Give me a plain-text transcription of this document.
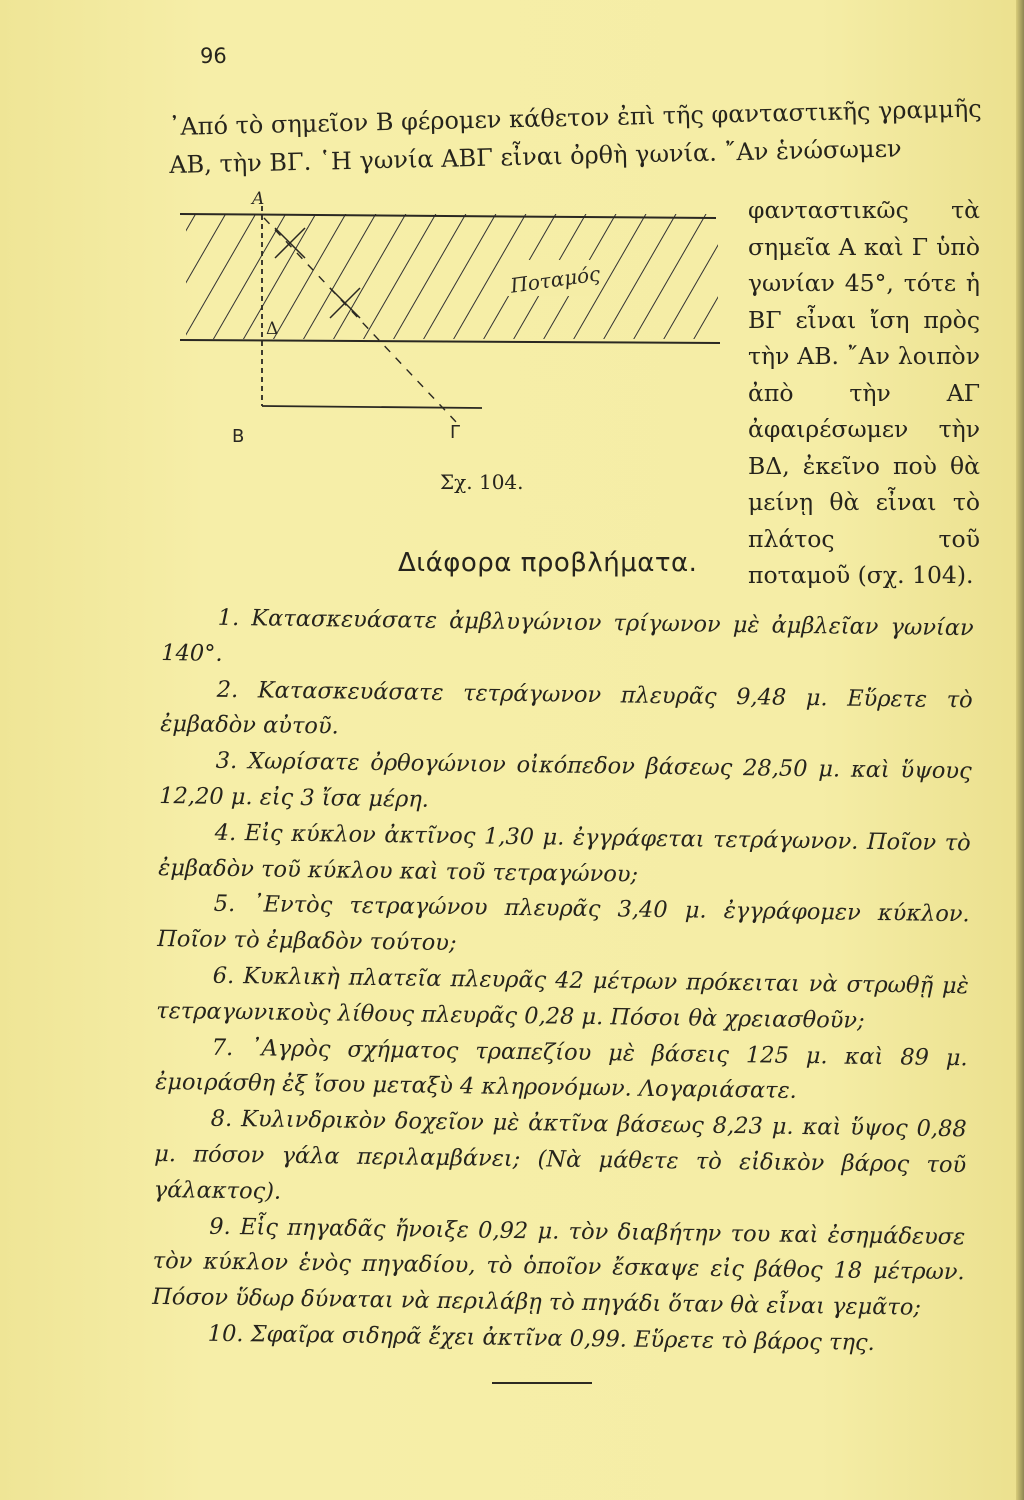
96

᾿Από τὸ σημεῖον Β φέρομεν κάθετον ἐπὶ τῆς φανταστικῆς γραμμῆς ΑΒ, τὴν ΒΓ. ῾Η γωνία ΑΒΓ εἶναι ὀρθὴ γωνία. ῎Αν ἑνώσωμεν

Α
Δ
Β	Γ
Ποταμός
Σχ. 104.

φανταστικῶς τὰ σημεῖα Α καὶ Γ ὑπὸ γωνίαν 45°, τότε ἡ ΒΓ εἶναι ἴση πρὸς τὴν ΑΒ. ῎Αν λοιπὸν ἀπὸ τὴν ΑΓ ἀφαιρέσωμεν τὴν ΒΔ, ἐκεῖνο ποὺ θὰ μείνῃ θὰ εἶναι τὸ πλάτος τοῦ ποταμοῦ (σχ. 104).

Διάφορα προβλήματα.
1. Κατασκευάσατε ἀμβλυγώνιον τρίγωνον μὲ ἀμβλεῖαν γωνίαν 140°.
2. Κατασκευάσατε τετράγωνον πλευρᾶς 9,48 μ. Εὕρετε τὸ ἐμβαδὸν αὐτοῦ.
3. Χωρίσατε ὀρθογώνιον οἰκόπεδον βάσεως 28,50 μ. καὶ ὕψους 12,20 μ. εἰς 3 ἴσα μέρη.
4. Εἰς κύκλον ἀκτῖνος 1,30 μ. ἐγγράφεται τετράγωνον. Ποῖον τὸ ἐμβαδὸν τοῦ κύκλου καὶ τοῦ τετραγώνου;
5. ᾿Εντὸς τετραγώνου πλευρᾶς 3,40 μ. ἐγγράφομεν κύκλον. Ποῖον τὸ ἐμβαδὸν τούτου;
6. Κυκλικὴ πλατεῖα πλευρᾶς 42 μέτρων πρόκειται νὰ στρωθῇ μὲ τετραγωνικοὺς λίθους πλευρᾶς 0,28 μ. Πόσοι θὰ χρειασθοῦν;
7. ᾿Αγρὸς σχήματος τραπεζίου μὲ βάσεις 125 μ. καὶ 89 μ. ἐμοιράσθη ἐξ ἴσου μεταξὺ 4 κληρονόμων. Λογαριάσατε.
8. Κυλινδρικὸν δοχεῖον μὲ ἀκτῖνα βάσεως 8,23 μ. καὶ ὕψος 0,88 μ. πόσον γάλα περιλαμβάνει; (Νὰ μάθετε τὸ εἰδικὸν βάρος τοῦ γάλακτος).
9. Εἷς πηγαδᾶς ἤνοιξε 0,92 μ. τὸν διαβήτην του καὶ ἐσημάδευσε τὸν κύκλον ἑνὸς πηγαδίου, τὸ ὁποῖον ἔσκαψε εἰς βάθος 18 μέτρων. Πόσον ὕδωρ δύναται νὰ περιλάβῃ τὸ πηγάδι ὅταν θὰ εἶναι γεμᾶτο;
10. Σφαῖρα σιδηρᾶ ἔχει ἀκτῖνα 0,99. Εὕρετε τὸ βάρος της.
